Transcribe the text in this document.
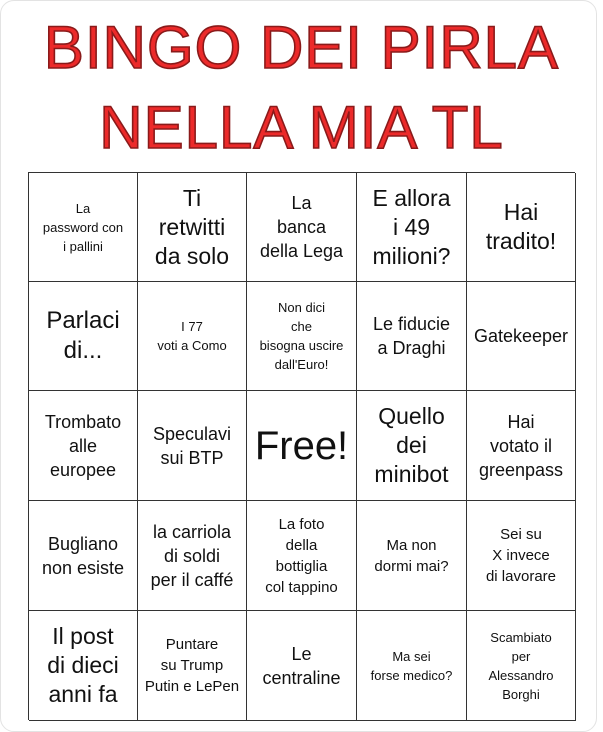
BINGO DEI PIRLA
NELLA MIA TL
La
password con
i pallini
Ti
retwitti
da solo
La
banca
della Lega
E allora
i 49
milioni?
Hai
tradito!
Parlaci
di...
I 77
voti a Como
Non dici
che
bisogna uscire
dall'Euro!
Le fiducie
a Draghi
Gatekeeper
Trombato
alle
europee
Speculavi
sui BTP Free!
Quello
dei
minibot
Hai
votato il
greenpass
Bugliano
non esiste
la carriola
di soldi
per il caffé
La foto
della
bottiglia
col tappino
Ma non
dormi mai?
Sei su
X invece
di lavorare
Il post
di dieci
anni fa
Puntare
su Trump
Putin e LePen
Le
centraline
Ma sei
forse medico?
Scambiato
per
Alessandro
Borghi
